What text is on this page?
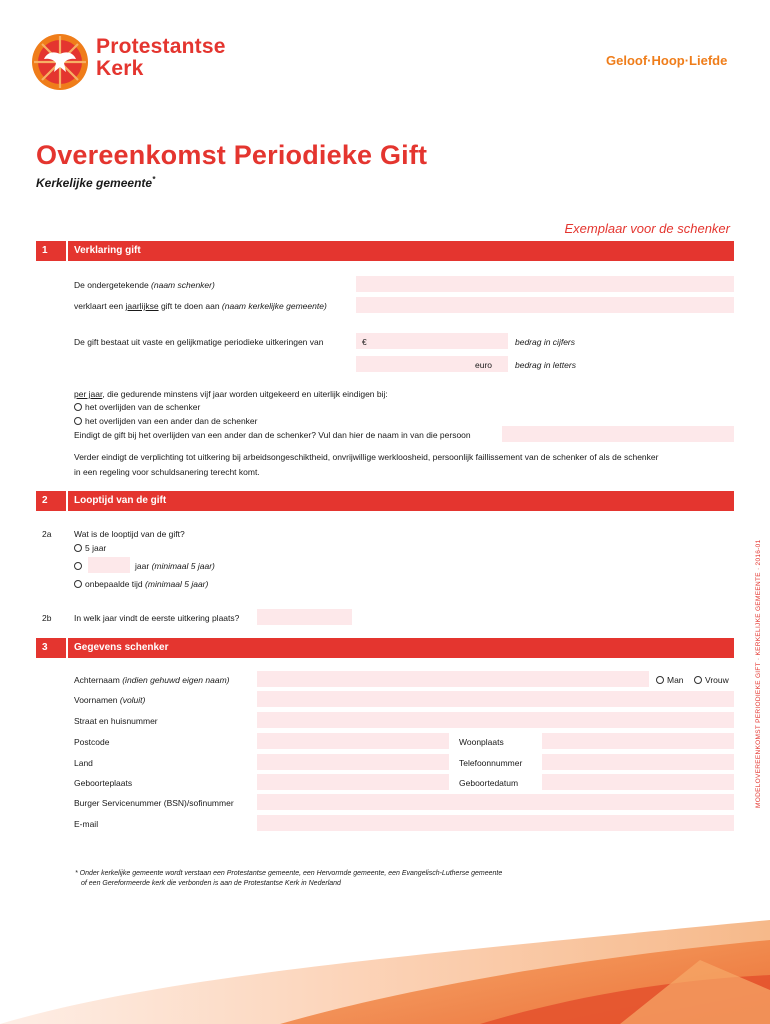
Protestantse
Kerk	Geloof·Hoop·Liefde
Overeenkomst Periodieke Gift
Kerkelijke gemeente*
Exemplaar voor de schenker
1	Verklaring gift
De ondergetekende (naam schenker)
verklaart een jaarlijkse gift te doen aan (naam kerkelijke gemeente)
De gift bestaat uit vaste en gelijkmatige periodieke uitkeringen van	€	bedrag in cijfers
euro	bedrag in letters
per jaar, die gedurende minstens vijf jaar worden uitgekeerd en uiterlijk eindigen bij:
het overlijden van de schenker
het overlijden van een ander dan de schenker
Eindigt de gift bij het overlijden van een ander dan de schenker? Vul dan hier de naam in van die persoon
Verder eindigt de verplichting tot uitkering bij arbeidsongeschiktheid, onvrijwillige werkloosheid, persoonlijk faillissement van de schenker of als de schenker
in een regeling voor schuldsanering terecht komt.
2	Looptijd van de gift
2a	Wat is de looptijd van de gift?
5 jaar
jaar (minimaal 5 jaar)
onbepaalde tijd (minimaal 5 jaar)
2b	In welk jaar vindt de eerste uitkering plaats?
3	Gegevens schenker
Achternaam (indien gehuwd eigen naam)	Man	Vrouw
Voornamen (voluit)
Straat en huisnummer
Postcode	Woonplaats
Land	Telefoonnummer
Geboorteplaats	Geboortedatum
Burger Servicenummer (BSN)/sofinummer
E-mail
* Onder kerkelijke gemeente wordt verstaan een Protestantse gemeente, een Hervormde gemeente, een Evangelisch-Lutherse gemeente
of een Gereformeerde kerk die verbonden is aan de Protestantse Kerk in Nederland
MODELOVEREENKOMST PERIODIEKE GIFT · KERKELIJKE GEMEENTE · 2016-01
